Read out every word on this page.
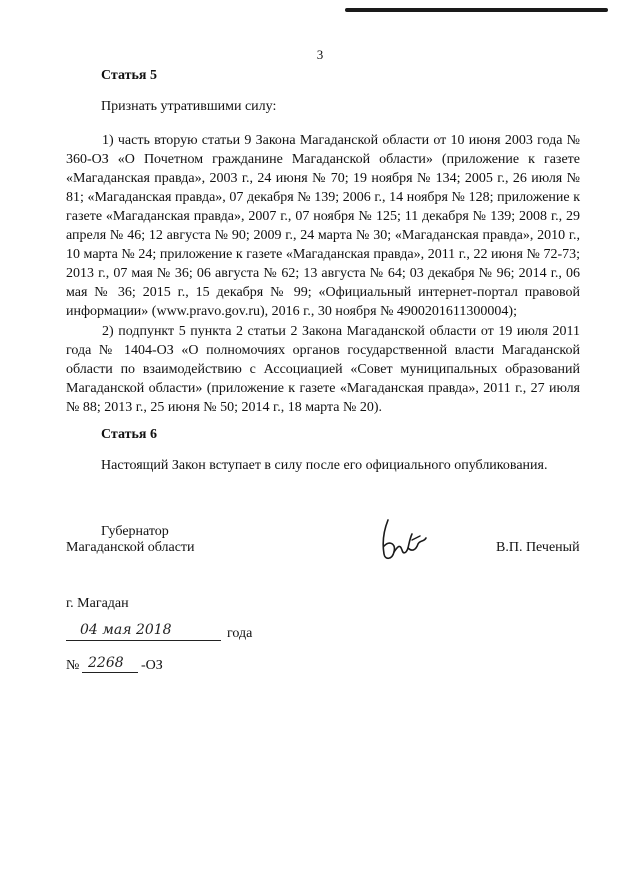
3
Статья 5
Признать утратившими силу:
1) часть вторую статьи 9 Закона Магаданской области от 10 июня 2003 года № 360-ОЗ «О Почетном гражданине Магаданской области» (приложение к газете «Магаданская правда», 2003 г., 24 июня № 70; 19 ноября № 134; 2005 г., 26 июля № 81; «Магаданская правда», 07 декабря № 139; 2006 г., 14 ноября № 128; приложение к газете «Магаданская правда», 2007 г., 07 ноября № 125; 11 декабря № 139; 2008 г., 29 апреля № 46; 12 августа № 90; 2009 г., 24 марта № 30; «Магаданская правда», 2010 г., 10 марта № 24; приложение к газете «Магаданская правда», 2011 г., 22 июня № 72-73; 2013 г., 07 мая № 36; 06 августа № 62; 13 августа № 64; 03 декабря № 96; 2014 г., 06 мая № 36; 2015 г., 15 декабря № 99; «Официальный интернет-портал правовой информации» (www.pravo.gov.ru), 2016 г., 30 ноября № 4900201611300004);
2) подпункт 5 пункта 2 статьи 2 Закона Магаданской области от 19 июля 2011 года № 1404-ОЗ «О полномочиях органов государственной власти Магаданской области по взаимодействию с Ассоциацией «Совет муниципальных образований Магаданской области» (приложение к газете «Магаданская правда», 2011 г., 27 июля № 88; 2013 г., 25 июня № 50; 2014 г., 18 марта № 20).
Статья 6
Настоящий Закон вступает в силу после его официального опубликования.
Губернатор
Магаданской области	В.П. Печеный
г. Магадан
04 мая 2018	года
№ 2268 -ОЗ
